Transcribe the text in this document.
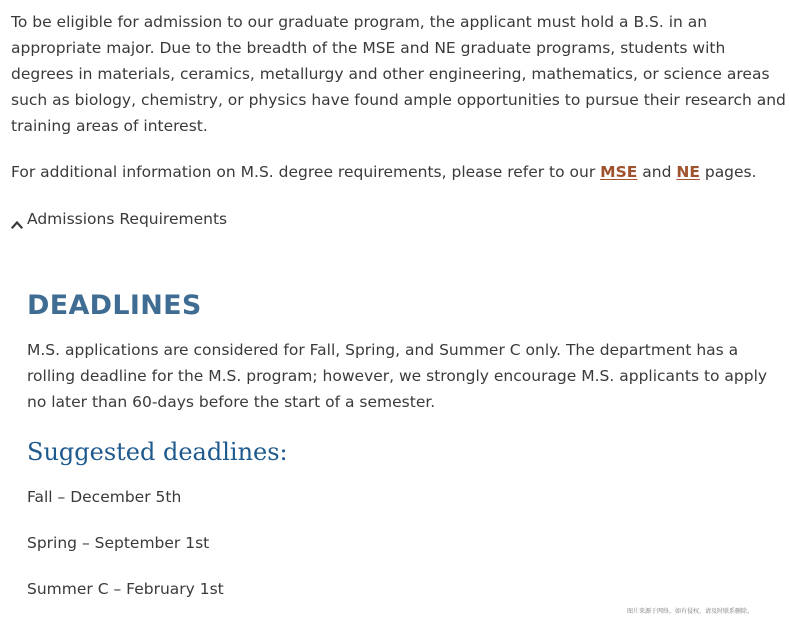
To be eligible for admission to our graduate program, the applicant must hold a B.S. in an appropriate major. Due to the breadth of the MSE and NE graduate programs, students with degrees in materials, ceramics, metallurgy and other engineering, mathematics, or science areas such as biology, chemistry, or physics have found ample opportunities to pursue their research and training areas of interest.

For additional information on M.S. degree requirements, please refer to our MSE and NE pages.

Admissions Requirements
DEADLINES

M.S. applications are considered for Fall, Spring, and Summer C only. The department has a rolling deadline for the M.S. program; however, we strongly encourage M.S. applicants to apply no later than 60-days before the start of a semester.

Suggested deadlines:

Fall – December 5th

Spring – September 1st

Summer C – February 1st

图片来源于网络，如有侵权，请及时联系删除。
